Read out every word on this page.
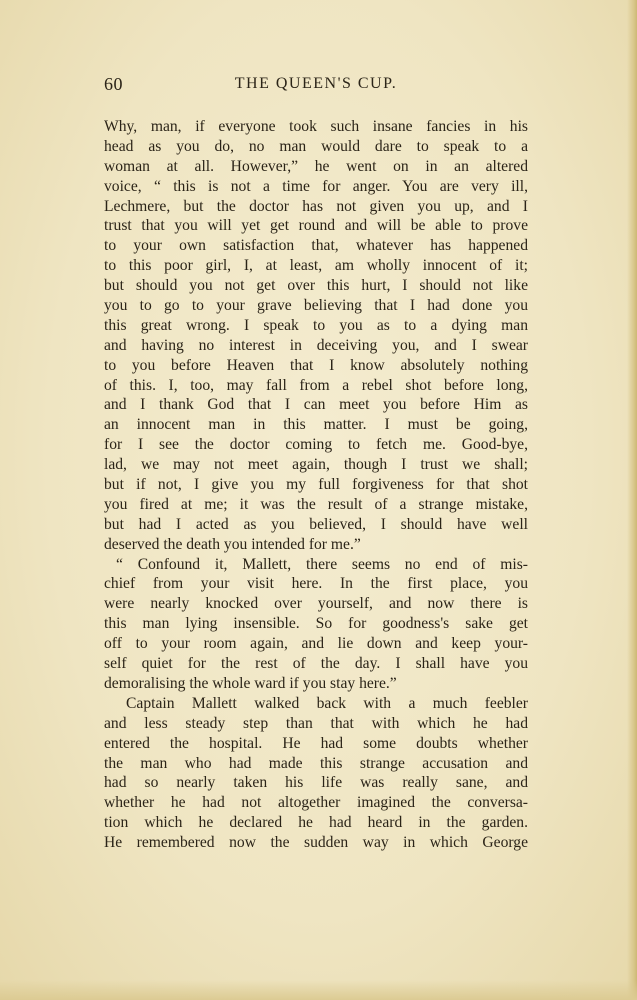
60	THE QUEEN'S CUP.
Why, man, if everyone took such insane fancies in his
head as you do, no man would dare to speak to a
woman at all. However,” he went on in an altered
voice, “ this is not a time for anger. You are very ill,
Lechmere, but the doctor has not given you up, and I
trust that you will yet get round and will be able to prove
to your own satisfaction that, whatever has happened
to this poor girl, I, at least, am wholly innocent of it;
but should you not get over this hurt, I should not like
you to go to your grave believing that I had done you
this great wrong. I speak to you as to a dying man
and having no interest in deceiving you, and I swear
to you before Heaven that I know absolutely nothing
of this. I, too, may fall from a rebel shot before long,
and I thank God that I can meet you before Him as
an innocent man in this matter. I must be going,
for I see the doctor coming to fetch me. Good-bye,
lad, we may not meet again, though I trust we shall;
but if not, I give you my full forgiveness for that shot
you fired at me; it was the result of a strange mistake,
but had I acted as you believed, I should have well
deserved the death you intended for me.”
“ Confound it, Mallett, there seems no end of mis-
chief from your visit here. In the first place, you
were nearly knocked over yourself, and now there is
this man lying insensible. So for goodness's sake get
off to your room again, and lie down and keep your-
self quiet for the rest of the day. I shall have you
demoralising the whole ward if you stay here.”
Captain Mallett walked back with a much feebler
and less steady step than that with which he had
entered the hospital. He had some doubts whether
the man who had made this strange accusation and
had so nearly taken his life was really sane, and
whether he had not altogether imagined the conversa-
tion which he declared he had heard in the garden.
He remembered now the sudden way in which George
